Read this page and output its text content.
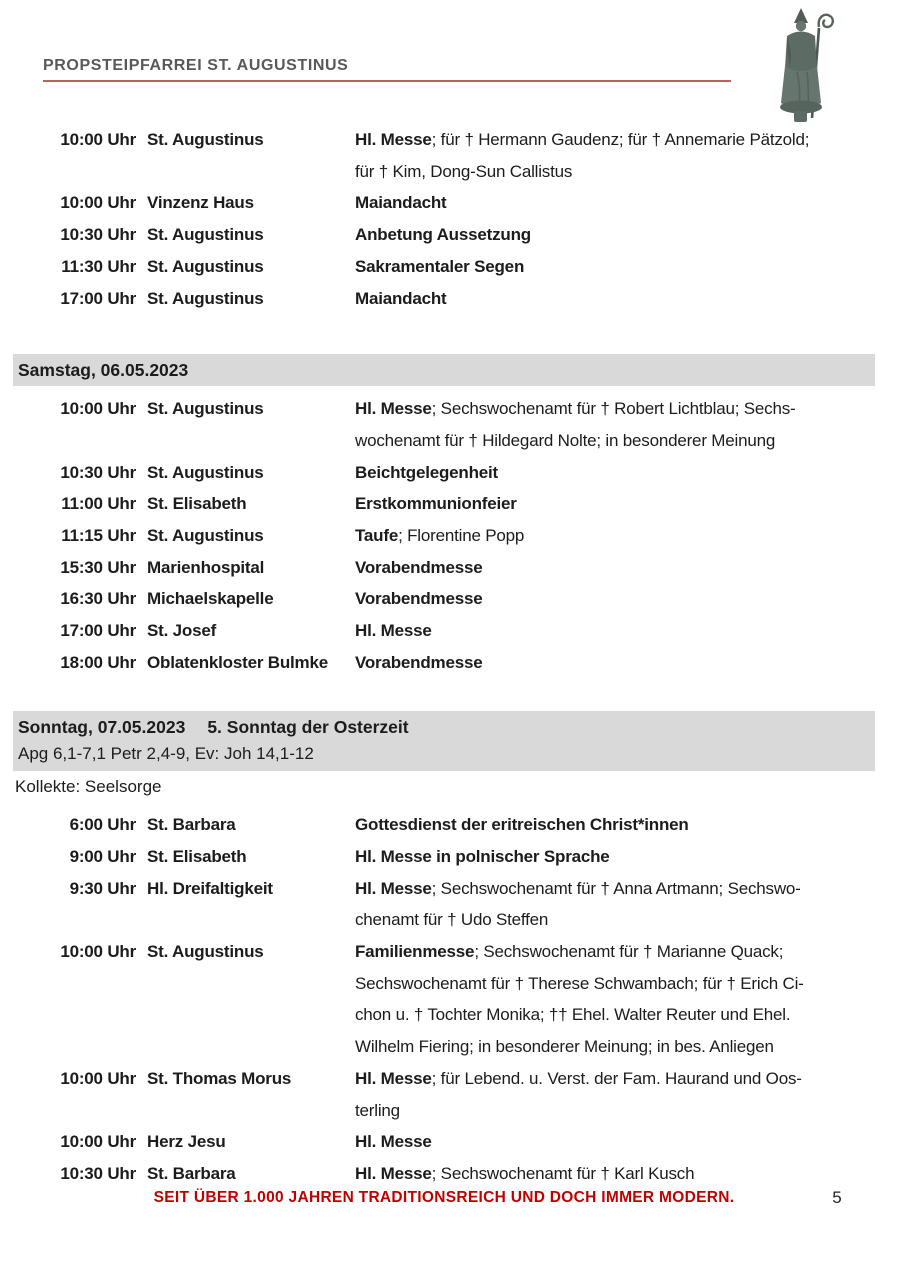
PROPSTEIPFARREI ST. AUGUSTINUS
10:00 Uhr St. Augustinus	Hl. Messe; für † Hermann Gaudenz; für † Annemarie Pätzold;
für † Kim, Dong-Sun Callistus
10:00 Uhr Vinzenz Haus	Maiandacht
10:30 Uhr St. Augustinus	Anbetung Aussetzung
11:30 Uhr St. Augustinus	Sakramentaler Segen
17:00 Uhr St. Augustinus	Maiandacht
Samstag, 06.05.2023
10:00 Uhr St. Augustinus	Hl. Messe; Sechswochenamt für † Robert Lichtblau; Sechs-
wochenamt für † Hildegard Nolte; in besonderer Meinung
10:30 Uhr St. Augustinus	Beichtgelegenheit
11:00 Uhr St. Elisabeth	Erstkommunionfeier
11:15 Uhr St. Augustinus	Taufe; Florentine Popp
15:30 Uhr Marienhospital	Vorabendmesse
16:30 Uhr Michaelskapelle	Vorabendmesse
17:00 Uhr St. Josef	Hl. Messe
18:00 Uhr Oblatenkloster Bulmke	Vorabendmesse
Sonntag, 07.05.2023 5. Sonntag der Osterzeit
Apg 6,1-7,1 Petr 2,4-9, Ev: Joh 14,1-12
Kollekte: Seelsorge
6:00 Uhr St. Barbara	Gottesdienst der eritreischen Christ*innen
9:00 Uhr St. Elisabeth	Hl. Messe in polnischer Sprache
9:30 Uhr Hl. Dreifaltigkeit	Hl. Messe; Sechswochenamt für † Anna Artmann; Sechswo-
chenamt für † Udo Steffen
10:00 Uhr St. Augustinus	Familienmesse; Sechswochenamt für † Marianne Quack;
Sechswochenamt für † Therese Schwambach; für † Erich Ci-
chon u. † Tochter Monika; †† Ehel. Walter Reuter und Ehel.
Wilhelm Fiering; in besonderer Meinung; in bes. Anliegen
10:00 Uhr St. Thomas Morus	Hl. Messe; für Lebend. u. Verst. der Fam. Haurand und Oos-
terling
10:00 Uhr Herz Jesu	Hl. Messe
10:30 Uhr St. Barbara	Hl. Messe; Sechswochenamt für † Karl Kusch
SEIT ÜBER 1.000 JAHREN TRADITIONSREICH UND DOCH IMMER MODERN.	5
